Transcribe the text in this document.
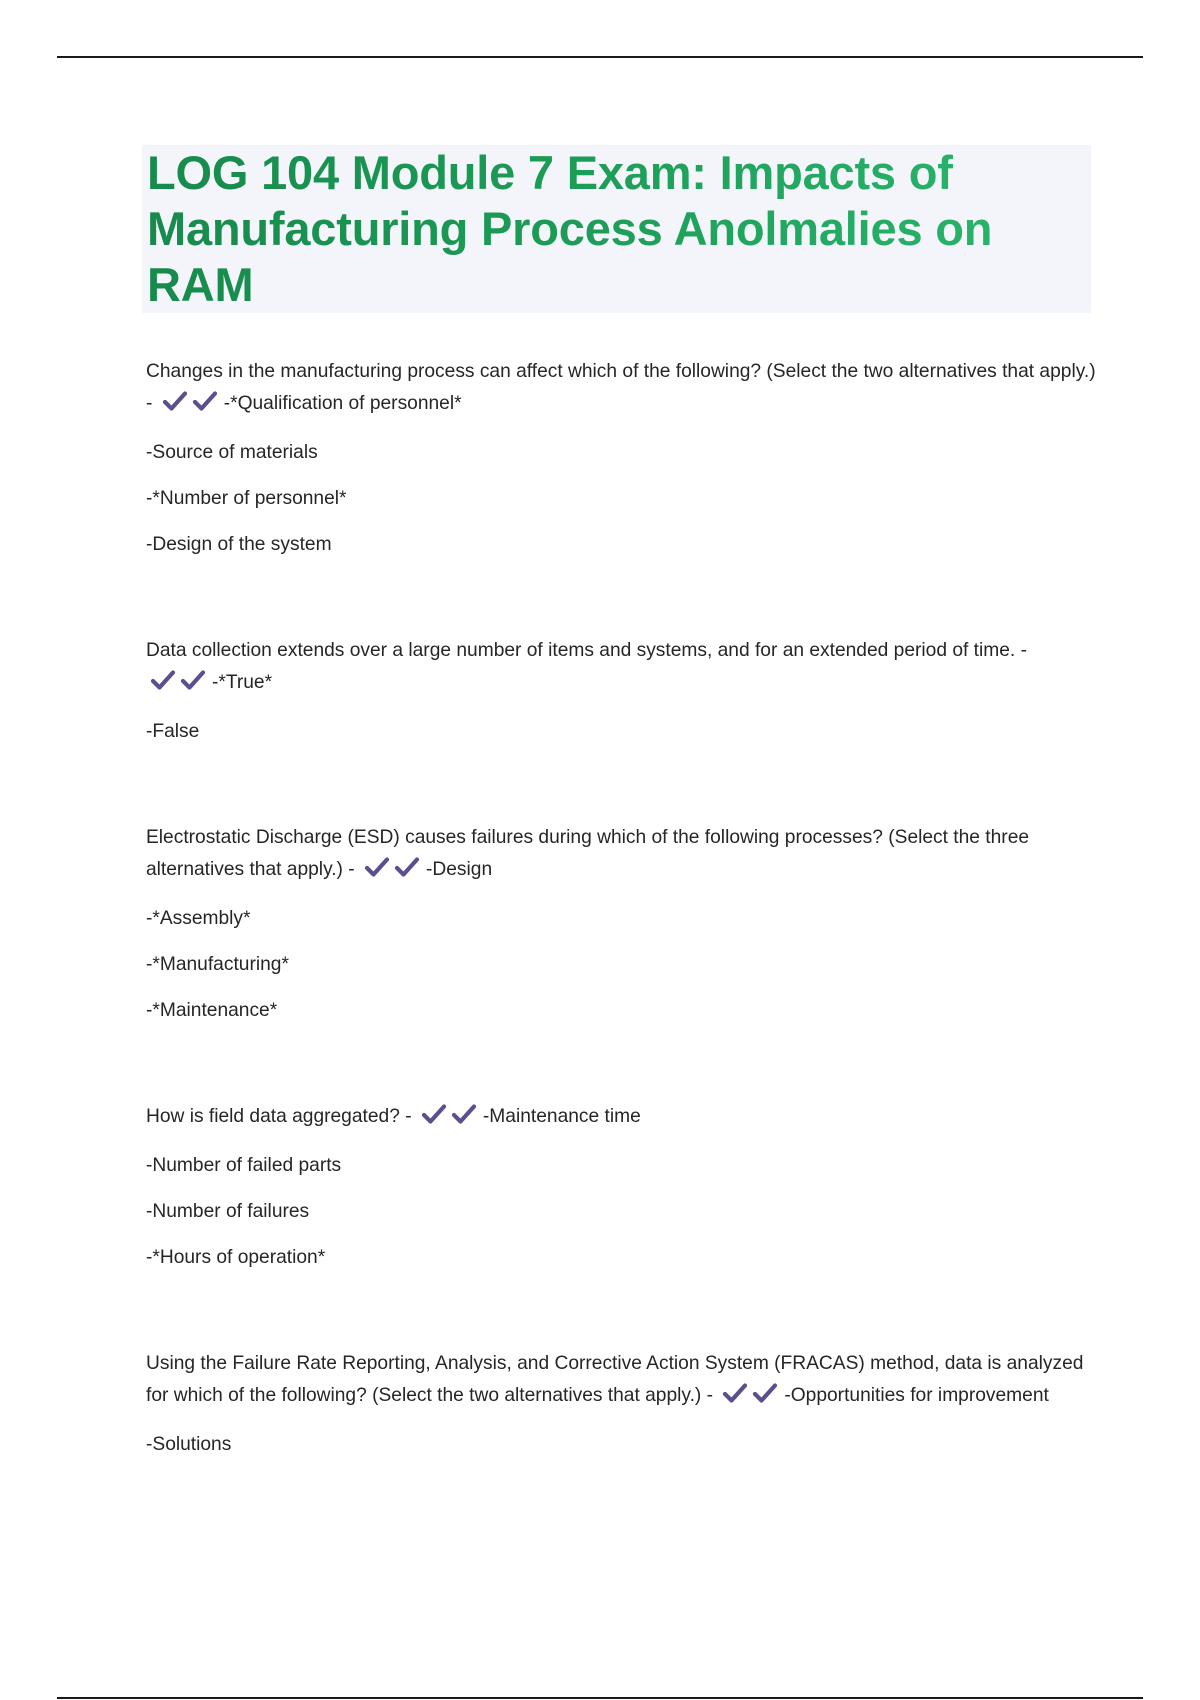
LOG 104 Module 7 Exam: Impacts of Manufacturing Process Anolmalies on RAM

Changes in the manufacturing process can affect which of the following? (Select the two alternatives that apply.) -	-*Qualification of personnel*

-Source of materials

-*Number of personnel*

-Design of the system

Data collection extends over a large number of items and systems, and for an extended period of time. -
-*True*

-False

Electrostatic Discharge (ESD) causes failures during which of the following processes? (Select the three alternatives that apply.) -	-Design

-*Assembly*

-*Manufacturing*

-*Maintenance*

How is field data aggregated? -	-Maintenance time

-Number of failed parts

-Number of failures

-*Hours of operation*

Using the Failure Rate Reporting, Analysis, and Corrective Action System (FRACAS) method, data is analyzed for which of the following? (Select the two alternatives that apply.) -	-Opportunities for improvement

-Solutions
